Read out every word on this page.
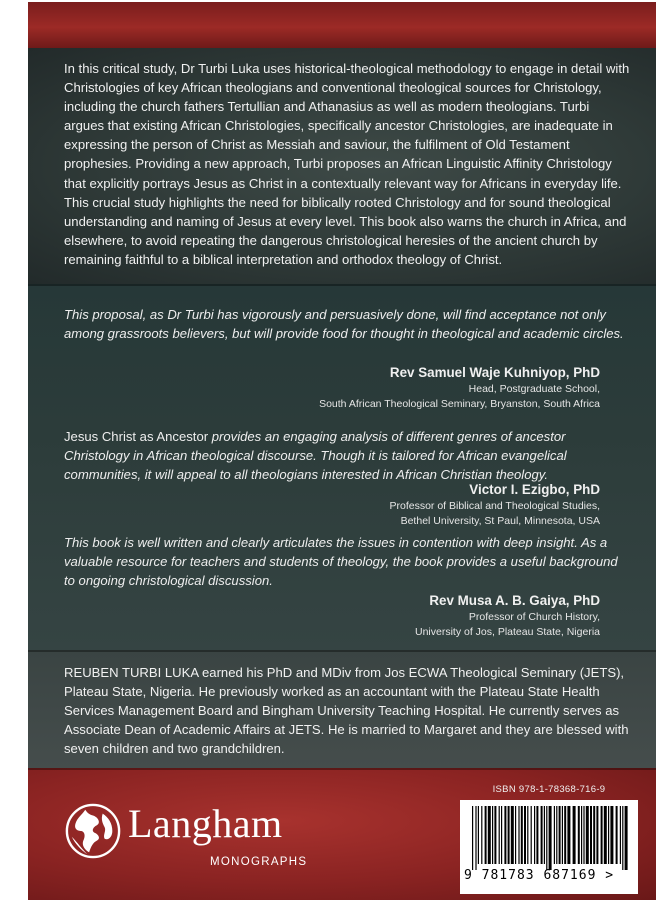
In this critical study, Dr Turbi Luka uses historical-theological methodology to engage in detail with Christologies of key African theologians and conventional theological sources for Christology, including the church fathers Tertullian and Athanasius as well as modern theologians. Turbi argues that existing African Christologies, specifically ancestor Christologies, are inadequate in expressing the person of Christ as Messiah and saviour, the fulfilment of Old Testament prophesies. Providing a new approach, Turbi proposes an African Linguistic Affinity Christology that explicitly portrays Jesus as Christ in a contextually relevant way for Africans in everyday life. This crucial study highlights the need for biblically rooted Christology and for sound theological understanding and naming of Jesus at every level. This book also warns the church in Africa, and elsewhere, to avoid repeating the dangerous christological heresies of the ancient church by remaining faithful to a biblical interpretation and orthodox theology of Christ.

This proposal, as Dr Turbi has vigorously and persuasively done, will find acceptance not only among grassroots believers, but will provide food for thought in theological and academic circles.

Rev Samuel Waje Kuhniyop, PhD
Head, Postgraduate School,
South African Theological Seminary, Bryanston, South Africa

Jesus Christ as Ancestor provides an engaging analysis of different genres of ancestor Christology in African theological discourse. Though it is tailored for African evangelical communities, it will appeal to all theologians interested in African Christian theology.

Victor I. Ezigbo, PhD
Professor of Biblical and Theological Studies,
Bethel University, St Paul, Minnesota, USA

This book is well written and clearly articulates the issues in contention with deep insight. As a valuable resource for teachers and students of theology, the book provides a useful background to ongoing christological discussion.

Rev Musa A. B. Gaiya, PhD
Professor of Church History,
University of Jos, Plateau State, Nigeria

REUBEN TURBI LUKA earned his PhD and MDiv from Jos ECWA Theological Seminary (JETS), Plateau State, Nigeria. He previously worked as an accountant with the Plateau State Health Services Management Board and Bingham University Teaching Hospital. He currently serves as Associate Dean of Academic Affairs at JETS. He is married to Margaret and they are blessed with seven children and two grandchildren.

Langham
MONOGRAPHS
ISBN 978-1-78368-716-9
9 781783 687169 >
